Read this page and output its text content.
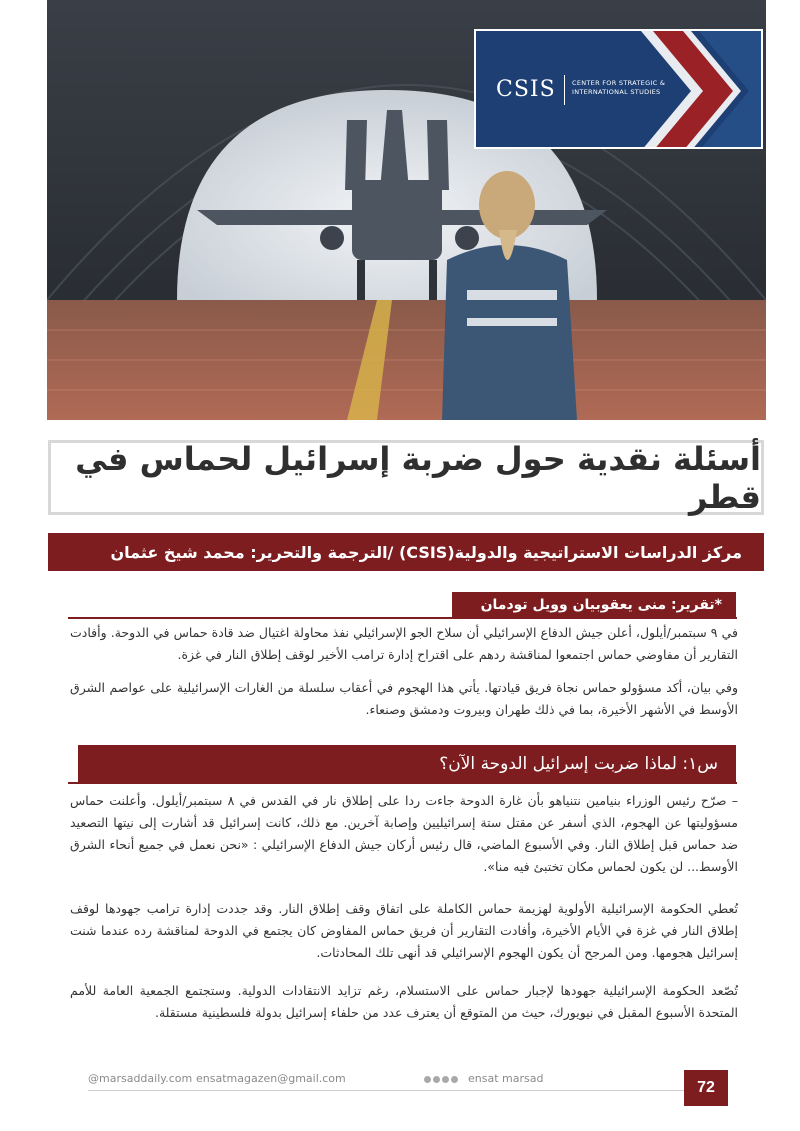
CSIS	CENTER FOR STRATEGIC &
INTERNATIONAL STUDIES
أسئلة نقدية حول ضربة إسرائيل لحماس في قطر
مركز الدراسات الاستراتيجية والدولية(CSIS) /الترجمة والتحرير: محمد شيخ عثمان
*تقرير: منى يعقوبيان وويل تودمان

في ٩ سبتمبر/أيلول، أعلن جيش الدفاع الإسرائيلي أن سلاح الجو الإسرائيلي نفذ محاولة اغتيال ضد قادة حماس في الدوحة. وأفادت التقارير أن مفاوضي حماس اجتمعوا لمناقشة ردهم على اقتراح إدارة ترامب الأخير لوقف إطلاق النار في غزة.

وفي بيان، أكد مسؤولو حماس نجاة فريق قيادتها. يأتي هذا الهجوم في أعقاب سلسلة من الغارات الإسرائيلية على عواصم الشرق الأوسط في الأشهر الأخيرة، بما في ذلك طهران وبيروت ودمشق وصنعاء.

س١: لماذا ضربت إسرائيل الدوحة الآن؟

– صرّح رئيس الوزراء بنيامين نتنياهو بأن غارة الدوحة جاءت ردا على إطلاق نار في القدس في ٨ سبتمبر/أيلول. وأعلنت حماس مسؤوليتها عن الهجوم، الذي أسفر عن مقتل ستة إسرائيليين وإصابة آخرين. مع ذلك، كانت إسرائيل قد أشارت إلى نيتها التصعيد ضد حماس قبل إطلاق النار. وفي الأسبوع الماضي، قال رئيس أركان جيش الدفاع الإسرائيلي : «نحن نعمل في جميع أنحاء الشرق الأوسط... لن يكون لحماس مكان تختبئ فيه منا».

تُعطي الحكومة الإسرائيلية الأولوية لهزيمة حماس الكاملة على اتفاق وقف إطلاق النار. وقد جددت إدارة ترامب جهودها لوقف إطلاق النار في غزة في الأيام الأخيرة، وأفادت التقارير أن فريق حماس المفاوض كان يجتمع في الدوحة لمناقشة رده عندما شنت إسرائيل هجومها. ومن المرجح أن يكون الهجوم الإسرائيلي قد أنهى تلك المحادثات.

تُصّعد الحكومة الإسرائيلية جهودها لإجبار حماس على الاستسلام، رغم تزايد الانتقادات الدولية. وستجتمع الجمعية العامة للأمم المتحدة الأسبوع المقبل في نيويورك، حيث من المتوقع أن يعترف عدد من حلفاء إسرائيل بدولة فلسطينية مستقلة.

@marsaddaily.com ensatmagazen@gmail.com	ensat marsad
72
